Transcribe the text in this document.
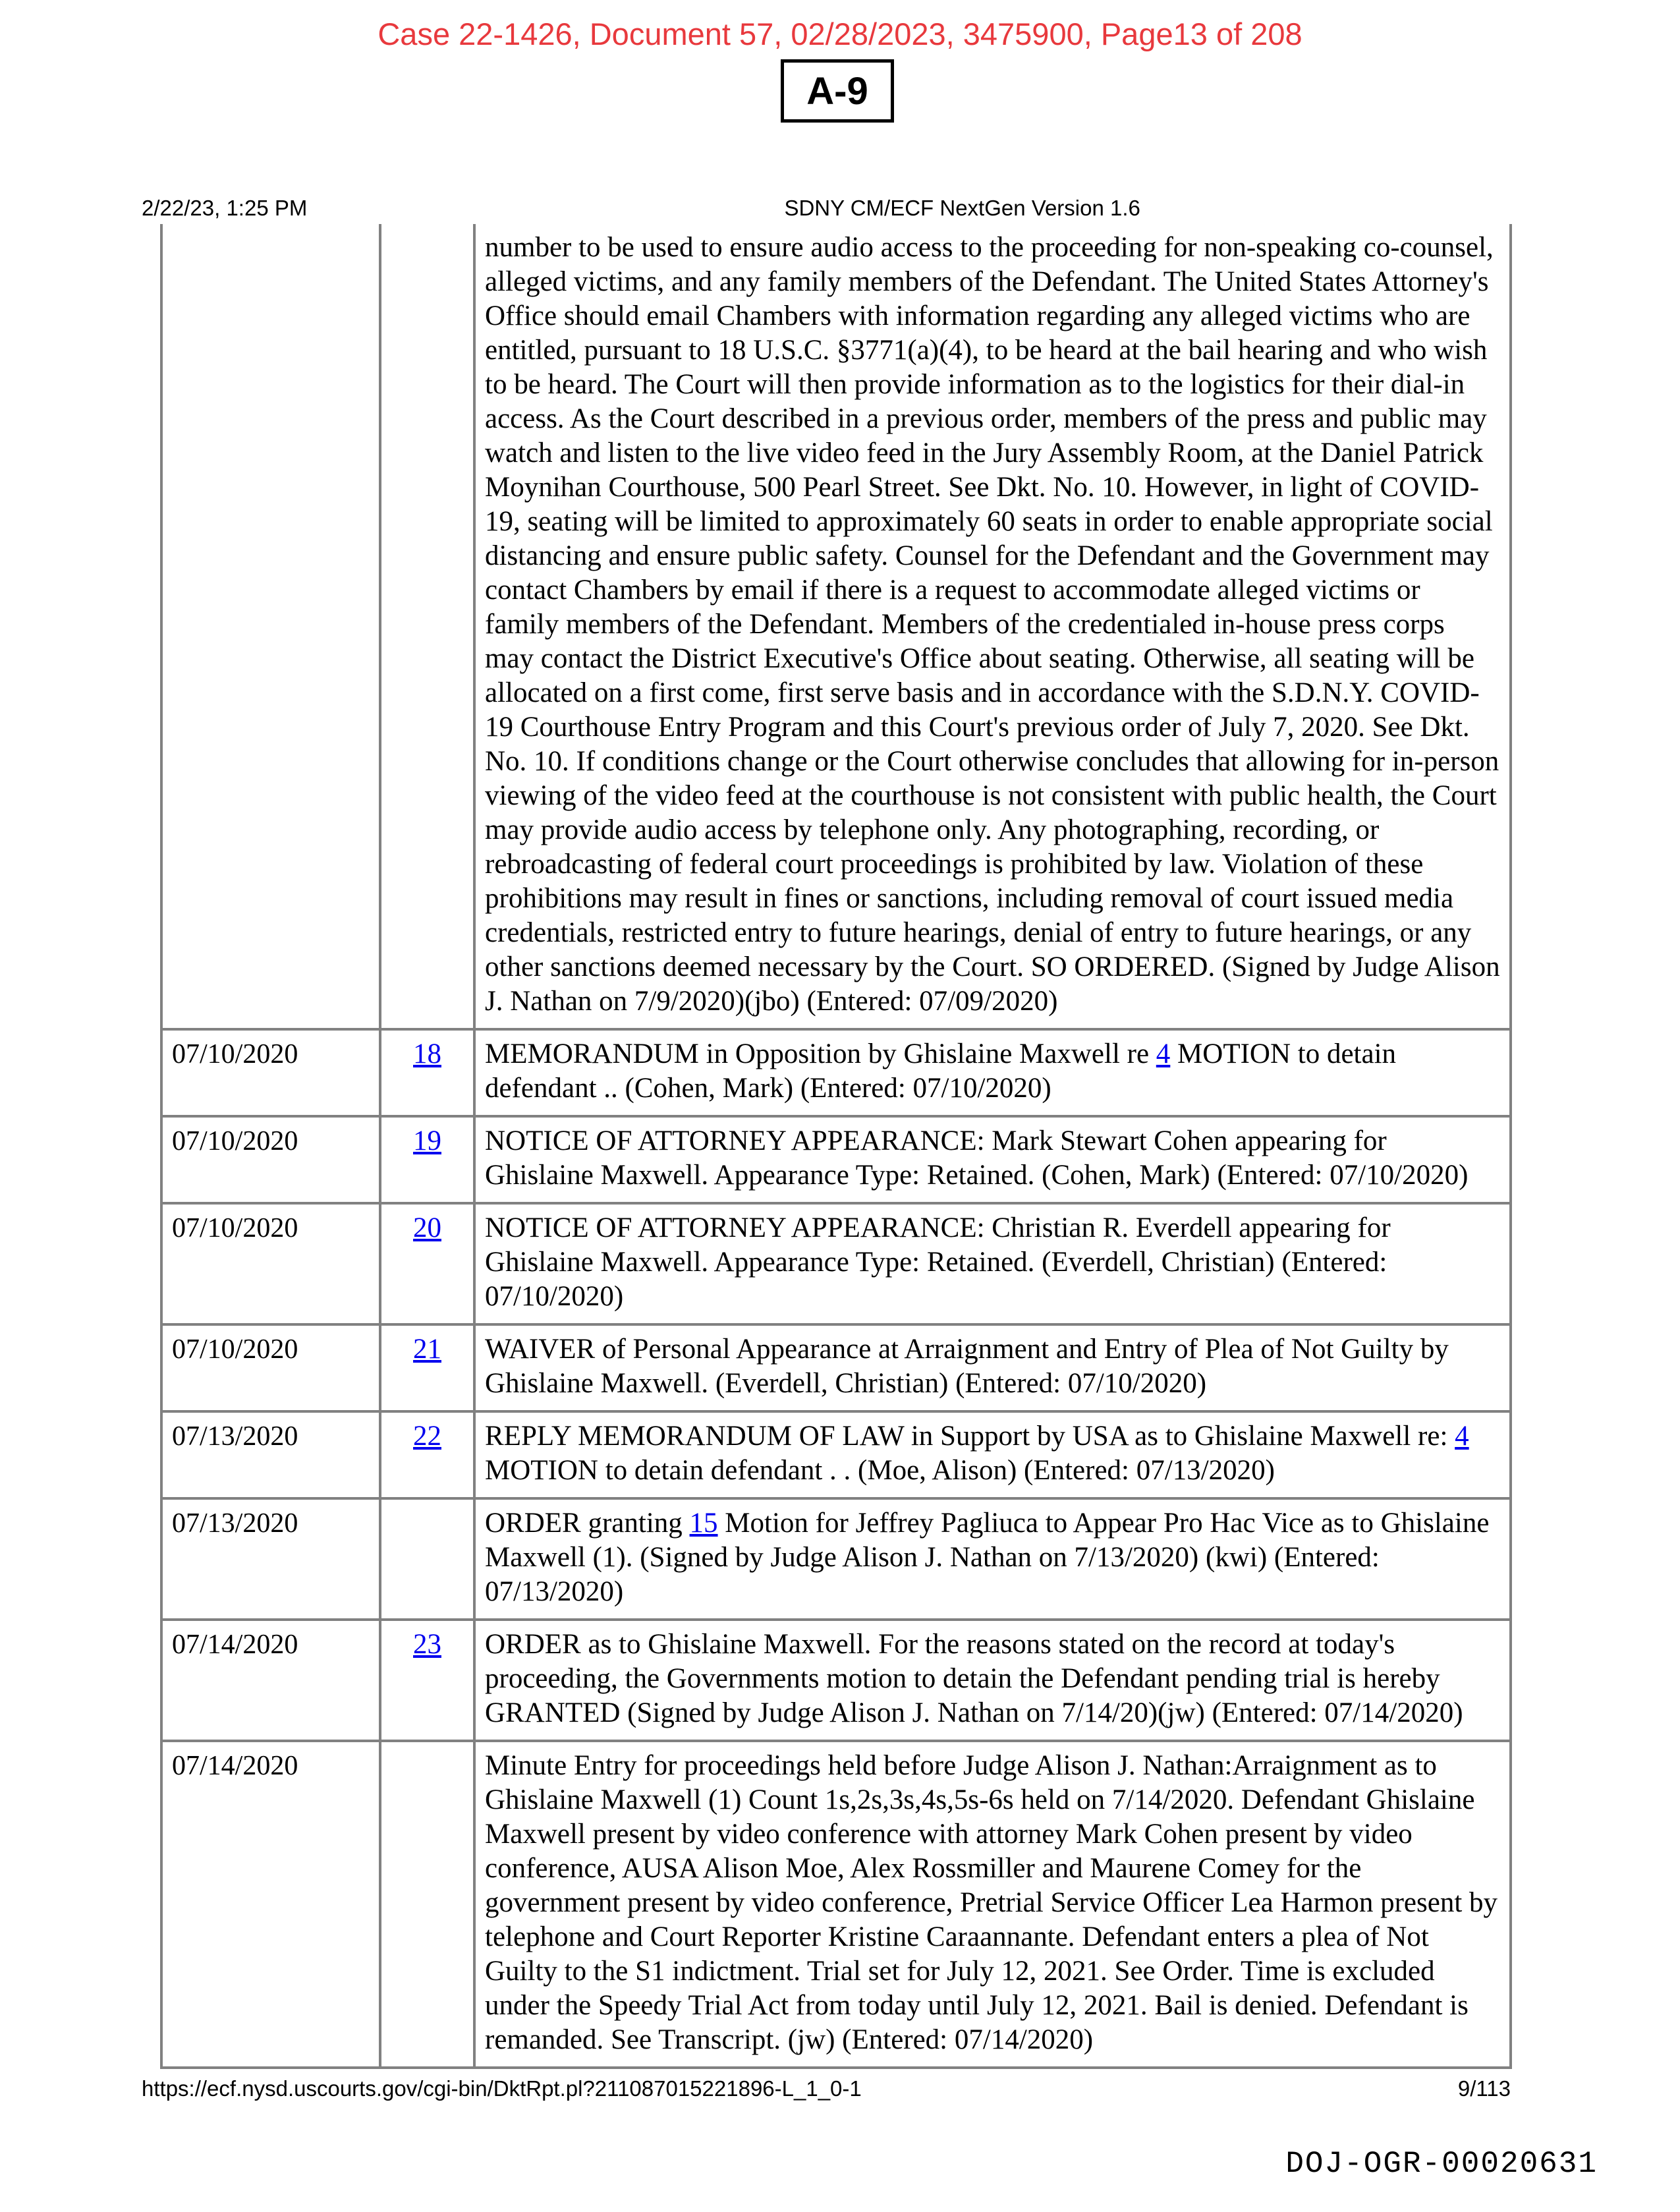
Case 22-1426, Document 57, 02/28/2023, 3475900, Page13 of 208
A-9
2/22/23, 1:25 PM	SDNY CM/ECF NextGen Version 1.6
		number to be used to ensure audio access to the proceeding for non-speaking co-counsel, alleged victims, and any family members of the Defendant. The United States Attorney's Office should email Chambers with information regarding any alleged victims who are entitled, pursuant to 18 U.S.C. §3771(a)(4), to be heard at the bail hearing and who wish to be heard. The Court will then provide information as to the logistics for their dial-in access. As the Court described in a previous order, members of the press and public may watch and listen to the live video feed in the Jury Assembly Room, at the Daniel Patrick Moynihan Courthouse, 500 Pearl Street. See Dkt. No. 10. However, in light of COVID-19, seating will be limited to approximately 60 seats in order to enable appropriate social distancing and ensure public safety. Counsel for the Defendant and the Government may contact Chambers by email if there is a request to accommodate alleged victims or family members of the Defendant. Members of the credentialed in-house press corps may contact the District Executive's Office about seating. Otherwise, all seating will be allocated on a first come, first serve basis and in accordance with the S.D.N.Y. COVID-19 Courthouse Entry Program and this Court's previous order of July 7, 2020. See Dkt. No. 10. If conditions change or the Court otherwise concludes that allowing for in-person viewing of the video feed at the courthouse is not consistent with public health, the Court may provide audio access by telephone only. Any photographing, recording, or rebroadcasting of federal court proceedings is prohibited by law. Violation of these prohibitions may result in fines or sanctions, including removal of court issued media credentials, restricted entry to future hearings, denial of entry to future hearings, or any other sanctions deemed necessary by the Court. SO ORDERED. (Signed by Judge Alison J. Nathan on 7/9/2020)(jbo) (Entered: 07/09/2020)
07/10/2020	18	MEMORANDUM in Opposition by Ghislaine Maxwell re 4 MOTION to detain defendant .. (Cohen, Mark) (Entered: 07/10/2020)
07/10/2020	19	NOTICE OF ATTORNEY APPEARANCE: Mark Stewart Cohen appearing for Ghislaine Maxwell. Appearance Type: Retained. (Cohen, Mark) (Entered: 07/10/2020)
07/10/2020	20	NOTICE OF ATTORNEY APPEARANCE: Christian R. Everdell appearing for Ghislaine Maxwell. Appearance Type: Retained. (Everdell, Christian) (Entered: 07/10/2020)
07/10/2020	21	WAIVER of Personal Appearance at Arraignment and Entry of Plea of Not Guilty by Ghislaine Maxwell. (Everdell, Christian) (Entered: 07/10/2020)
07/13/2020	22	REPLY MEMORANDUM OF LAW in Support by USA as to Ghislaine Maxwell re: 4 MOTION to detain defendant . . (Moe, Alison) (Entered: 07/13/2020)
07/13/2020		ORDER granting 15 Motion for Jeffrey Pagliuca to Appear Pro Hac Vice as to Ghislaine Maxwell (1). (Signed by Judge Alison J. Nathan on 7/13/2020) (kwi) (Entered: 07/13/2020)
07/14/2020	23	ORDER as to Ghislaine Maxwell. For the reasons stated on the record at today's proceeding, the Governments motion to detain the Defendant pending trial is hereby GRANTED (Signed by Judge Alison J. Nathan on 7/14/20)(jw) (Entered: 07/14/2020)
07/14/2020		Minute Entry for proceedings held before Judge Alison J. Nathan:Arraignment as to Ghislaine Maxwell (1) Count 1s,2s,3s,4s,5s-6s held on 7/14/2020. Defendant Ghislaine Maxwell present by video conference with attorney Mark Cohen present by video conference, AUSA Alison Moe, Alex Rossmiller and Maurene Comey for the government present by video conference, Pretrial Service Officer Lea Harmon present by telephone and Court Reporter Kristine Caraannante. Defendant enters a plea of Not Guilty to the S1 indictment. Trial set for July 12, 2021. See Order. Time is excluded under the Speedy Trial Act from today until July 12, 2021. Bail is denied. Defendant is remanded. See Transcript. (jw) (Entered: 07/14/2020)
https://ecf.nysd.uscourts.gov/cgi-bin/DktRpt.pl?211087015221896-L_1_0-1	9/113
DOJ-OGR-00020631
